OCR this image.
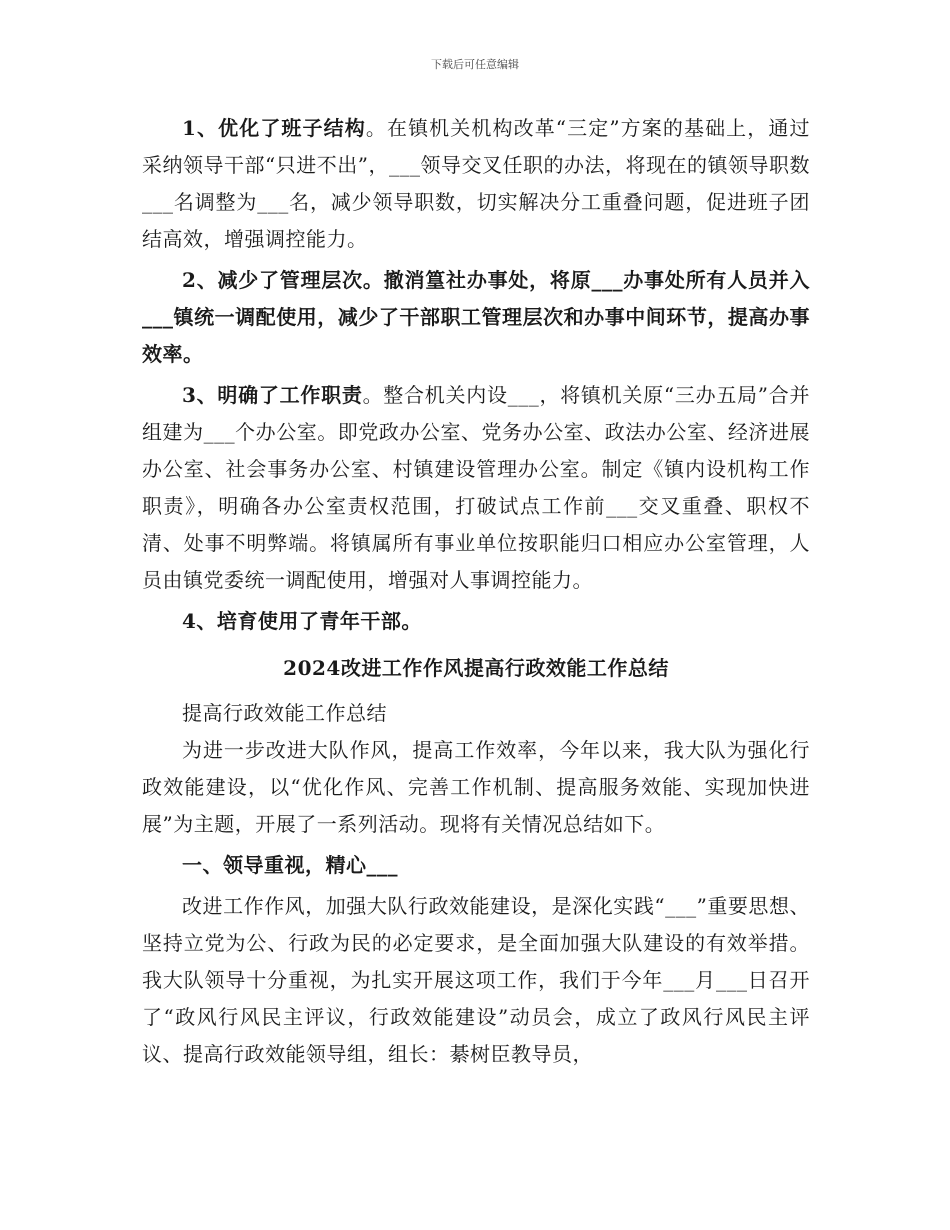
下载后可任意编辑

1、优化了班子结构。在镇机关机构改革“三定”方案的基础上，通过采纳领导干部“只进不出”，___领导交叉任职的办法，将现在的镇领导职数___名调整为___名，减少领导职数，切实解决分工重叠问题，促进班子团结高效，增强调控能力。

2、减少了管理层次。撤消篁社办事处，将原___办事处所有人员并入___镇统一调配使用，减少了干部职工管理层次和办事中间环节，提高办事效率。

3、明确了工作职责。整合机关内设___，将镇机关原“三办五局”合并组建为___个办公室。即党政办公室、党务办公室、政法办公室、经济进展办公室、社会事务办公室、村镇建设管理办公室。制定《镇内设机构工作职责》，明确各办公室责权范围，打破试点工作前___交叉重叠、职权不清、处事不明弊端。将镇属所有事业单位按职能归口相应办公室管理，人员由镇党委统一调配使用，增强对人事调控能力。

4、培育使用了青年干部。

2024改进工作作风提高行政效能工作总结

提高行政效能工作总结

为进一步改进大队作风，提高工作效率，今年以来，我大队为强化行政效能建设，以“优化作风、完善工作机制、提高服务效能、实现加快进展”为主题，开展了一系列活动。现将有关情况总结如下。

一、领导重视，精心___

改进工作作风，加强大队行政效能建设，是深化实践“___”重要思想、坚持立党为公、行政为民的必定要求，是全面加强大队建设的有效举措。我大队领导十分重视，为扎实开展这项工作，我们于今年___月___日召开了“政风行风民主评议，行政效能建设”动员会，成立了政风行风民主评议、提高行政效能领导组，组长：綦树臣教导员，
